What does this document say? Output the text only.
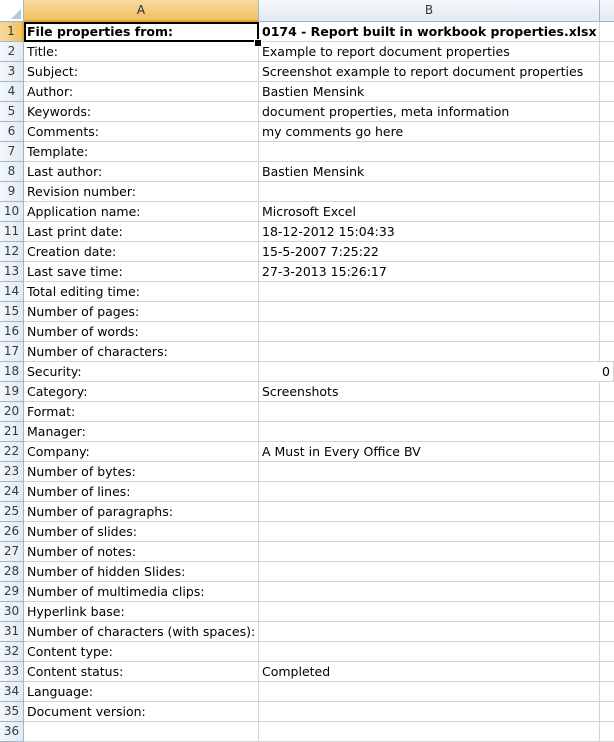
A	B
1 File properties from:	0174 - Report built in workbook properties.xlsx
2 Title:	Example to report document properties
3 Subject:	Screenshot example to report document properties
4 Author:	Bastien Mensink
5 Keywords:	document properties, meta information
6 Comments:	my comments go here
7 Template:
8 Last author:	Bastien Mensink
9 Revision number:
10 Application name:	Microsoft Excel
11 Last print date:	18-12-2012 15:04:33
12 Creation date:	15-5-2007 7:25:22
13 Last save time:	27-3-2013 15:26:17
14 Total editing time:
15 Number of pages:
16 Number of words:
17 Number of characters:
18 Security:	0
19 Category:	Screenshots
20 Format:
21 Manager:
22 Company:	A Must in Every Office BV
23 Number of bytes:
24 Number of lines:
25 Number of paragraphs:
26 Number of slides:
27 Number of notes:
28 Number of hidden Slides:
29 Number of multimedia clips:
30 Hyperlink base:
31 Number of characters (with spaces):
32 Content type:
33 Content status:	Completed
34 Language:
35 Document version:
36
